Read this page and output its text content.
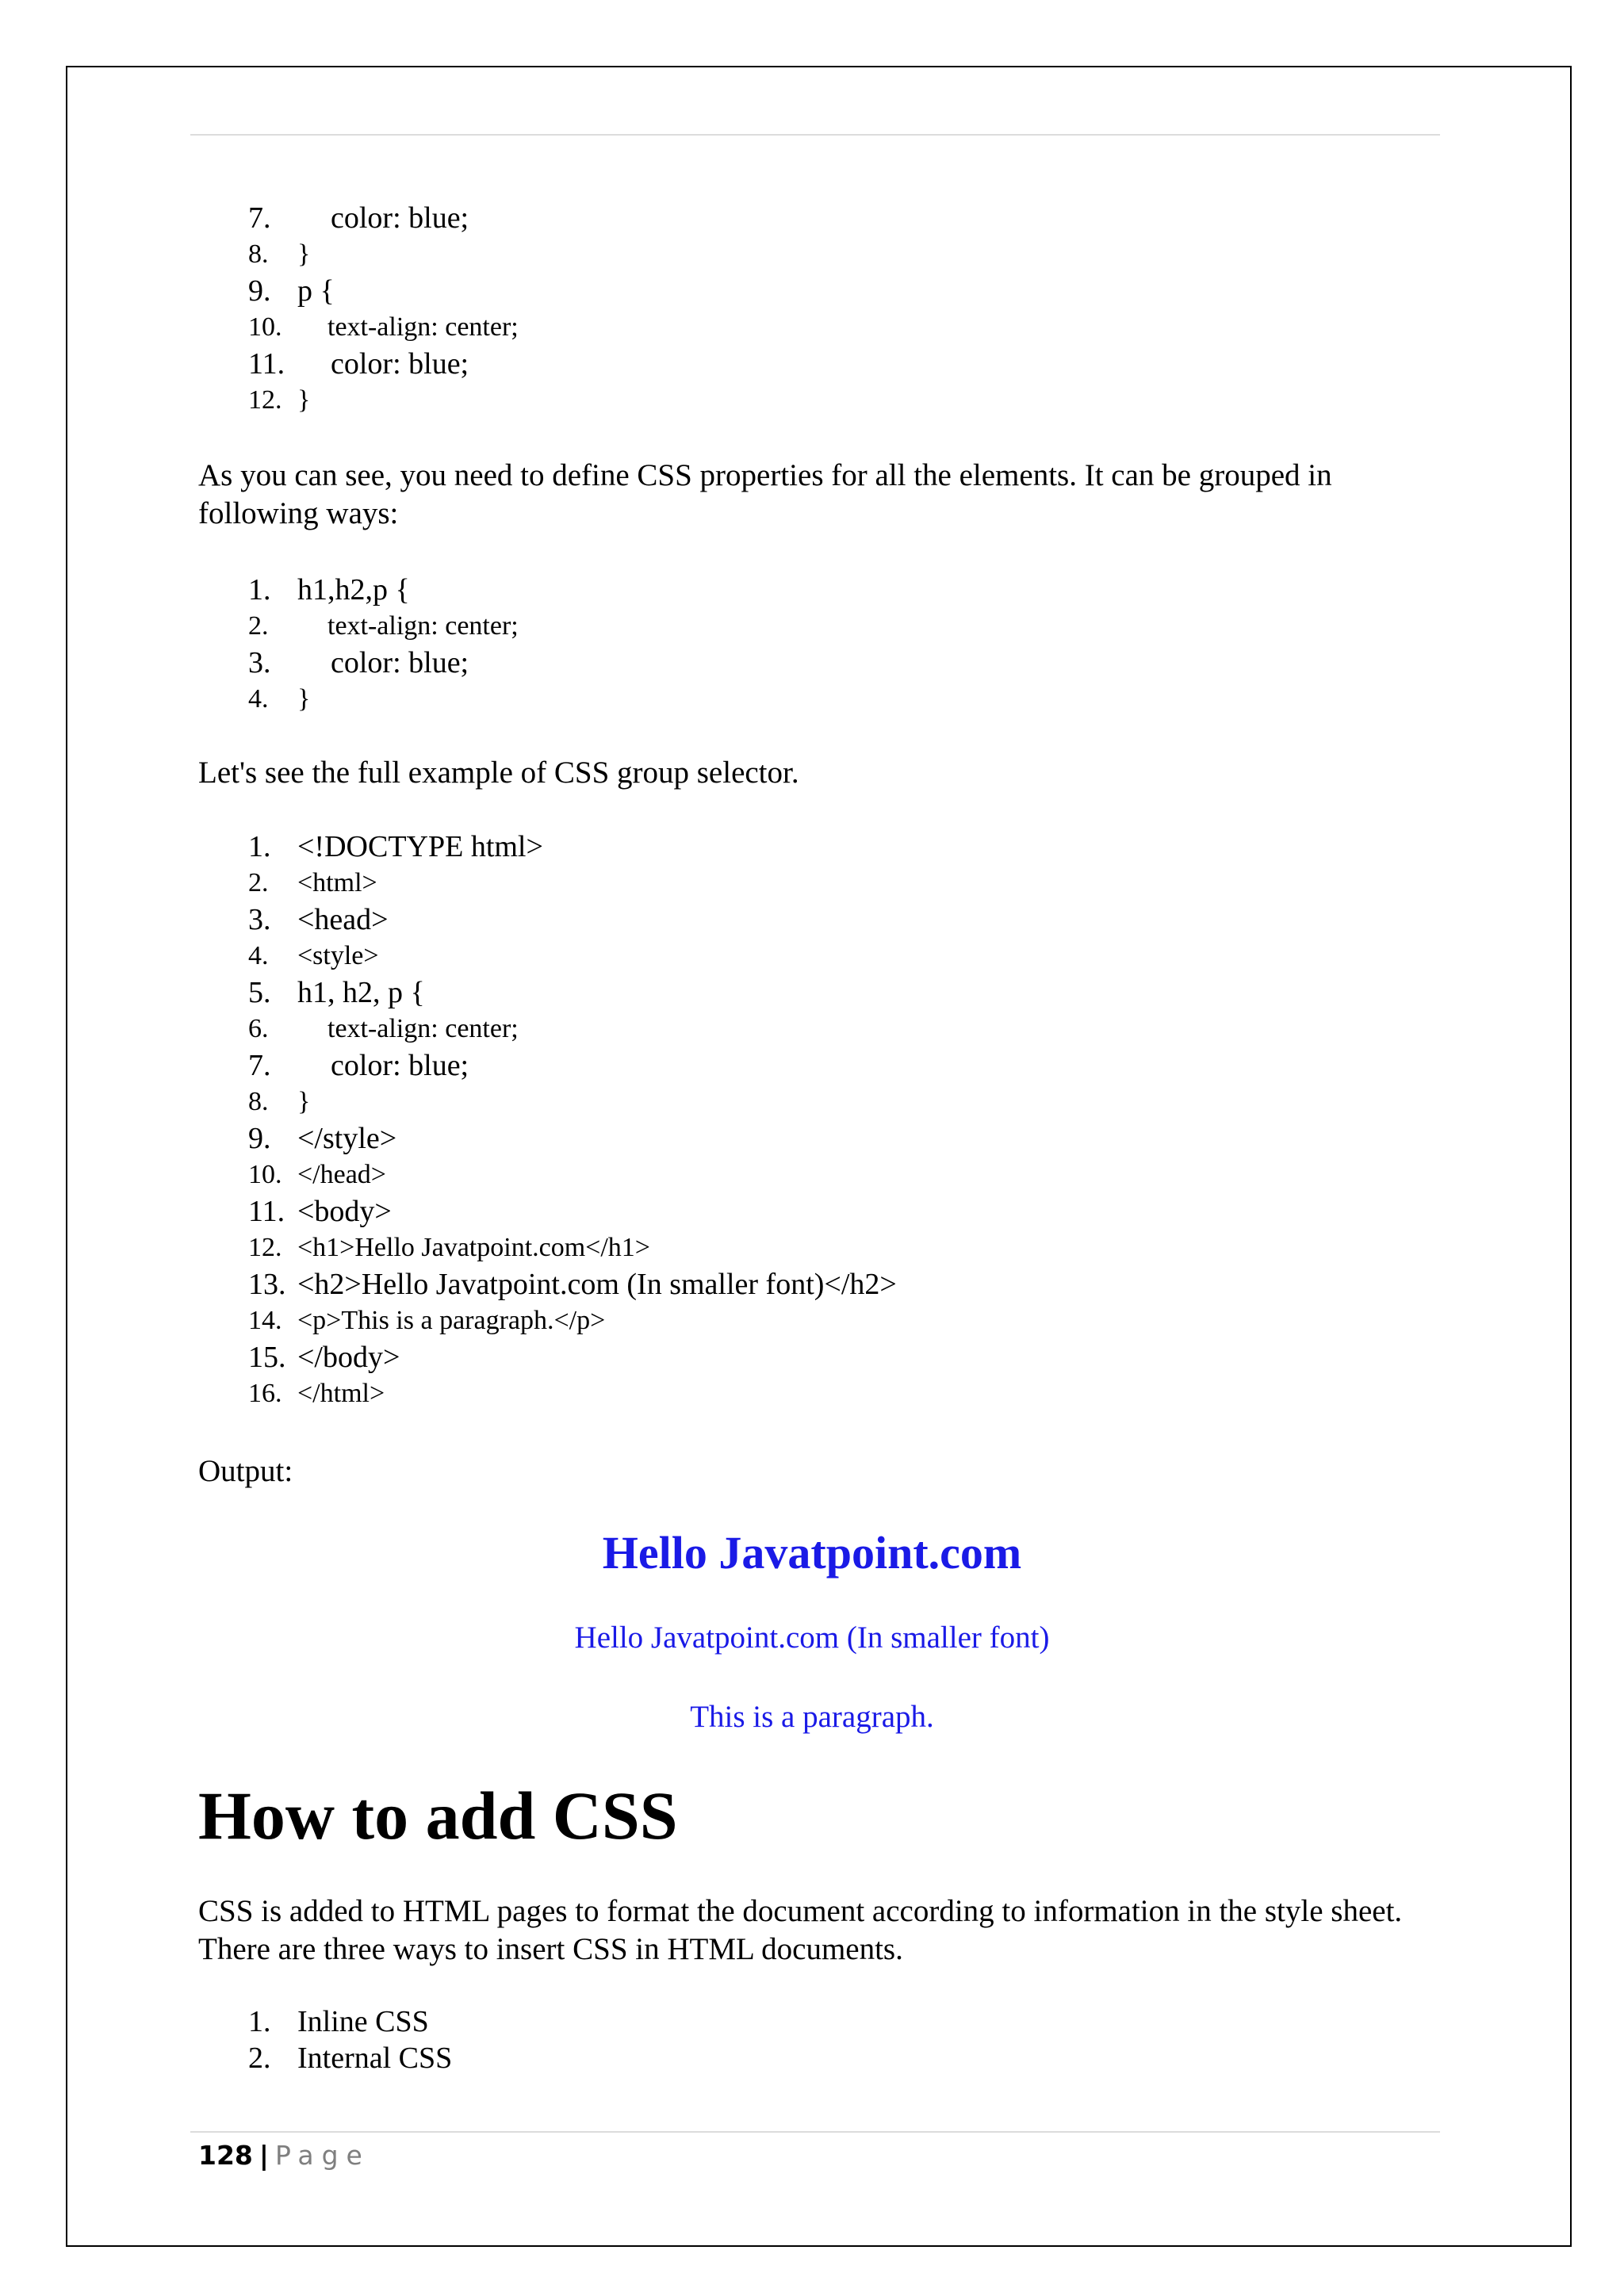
7.

color: blue;

8.

}

9.

p {

10.

text-align: center;

11.

color: blue;

12.

}

As you can see, you need to define CSS properties for all the elements. It can be grouped in following ways:

1.

h1,h2,p {

2.

text-align: center;

3.

color: blue;

4.

}

Let's see the full example of CSS group selector.

1.

<!DOCTYPE html>

2.

<html>

3.

<head>

4.

<style>

5.

h1, h2, p {

6.

text-align: center;

7.

color: blue;

8.

}

9.

</style>

10.

</head>

11.

<body>

12.

<h1>Hello Javatpoint.com</h1>

13.

<h2>Hello Javatpoint.com (In smaller font)</h2>

14.

<p>This is a paragraph.</p>

15.

</body>

16.

</html>

Output:

Hello Javatpoint.com
Hello Javatpoint.com (In smaller font)

This is a paragraph.

How to add CSS

CSS is added to HTML pages to format the document according to information in the style sheet. There are three ways to insert CSS in HTML documents.

1.

Inline CSS

2.

Internal CSS

128 | Page
